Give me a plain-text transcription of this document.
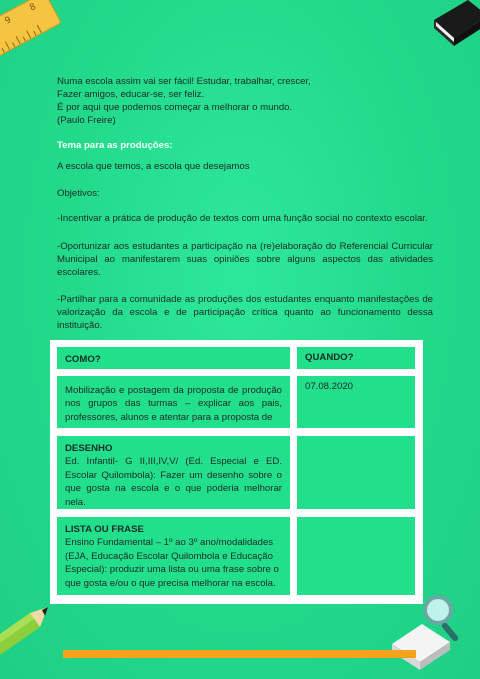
9
8
Numa escola assim vai ser fácil! Estudar, trabalhar, crescer,
Fazer amigos, educar-se, ser feliz.
É por aqui que podemos começar a melhorar o mundo.
(Paulo Freire)
Tema para as produções:
A escola que temos, a escola que desejamos
Objetivos:
-Incentivar a prática de produção de textos com uma função social no contexto escolar.
-Oportunizar aos estudantes a participação na (re)elaboração do Referencial Curricular Municipal ao manifestarem suas opiniões sobre alguns aspectos das atividades escolares.
-Partilhar para a comunidade as produções dos estudantes enquanto manifestações de valorização da escola e de participação crítica quanto ao funcionamento dessa instituição.
COMO?	QUANDO?
Mobilização e postagem da proposta de produção nos grupos das turmas – explicar aos pais, professores, alunos e atentar para a proposta de
07.08.2020
DESENHO
Ed. Infantil- G II,III,IV,V/ (Ed. Especial e ED. Escolar Quilombola): Fazer um desenho sobre o que gosta na escola e o que poderia melhorar nela.
LISTA OU FRASE
Ensino Fundamental – 1º ao 3º ano/modalidades (EJA, Educação Escolar Quilombola e Educação Especial): produzir uma lista ou uma frase sobre o que gosta e/ou o que precisa melhorar na escola.
